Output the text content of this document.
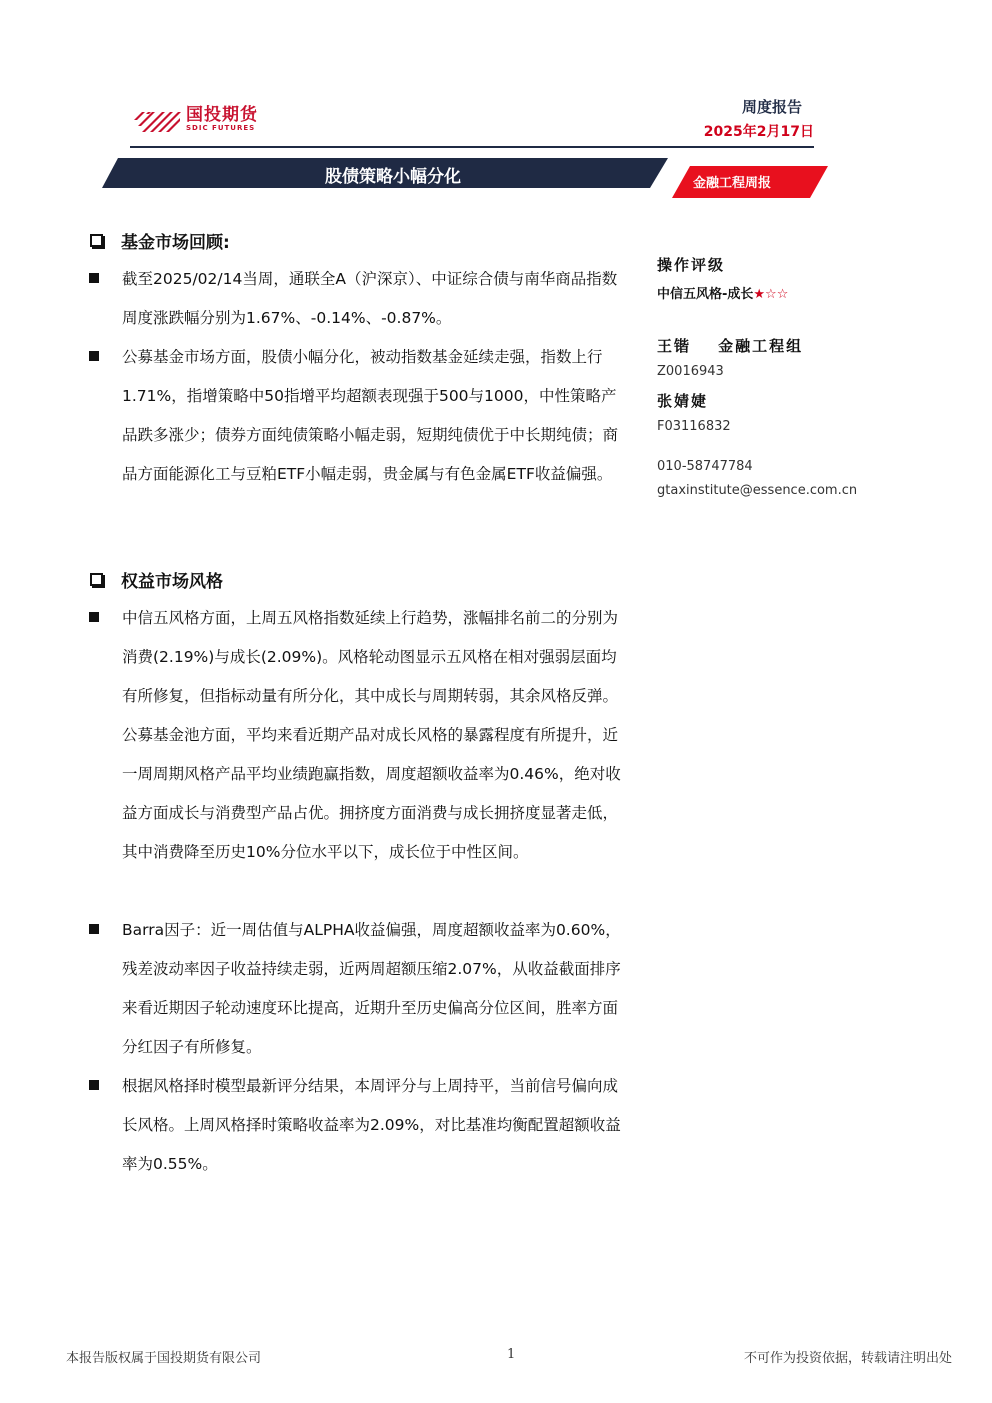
国投期货
SDIC FUTURES
周度报告
2025年2月17日
股债策略小幅分化	金融工程周报
基金市场回顾:
截至2025/02/14当周，通联全A（沪深京）、中证综合债与南华商品指数周度涨跌幅分别为1.67%、-0.14%、-0.87%。
公募基金市场方面，股债小幅分化，被动指数基金延续走强，指数上行1.71%，指增策略中50指增平均超额表现强于500与1000，中性策略产品跌多涨少；债券方面纯债策略小幅走弱，短期纯债优于中长期纯债；商品方面能源化工与豆粕ETF小幅走弱，贵金属与有色金属ETF收益偏强。
权益市场风格
中信五风格方面，上周五风格指数延续上行趋势，涨幅排名前二的分别为消费(2.19%)与成长(2.09%)。风格轮动图显示五风格在相对强弱层面均有所修复，但指标动量有所分化，其中成长与周期转弱，其余风格反弹。公募基金池方面，平均来看近期产品对成长风格的暴露程度有所提升，近一周周期风格产品平均业绩跑赢指数，周度超额收益率为0.46%，绝对收益方面成长与消费型产品占优。拥挤度方面消费与成长拥挤度显著走低，其中消费降至历史10%分位水平以下，成长位于中性区间。
Barra因子：近一周估值与ALPHA收益偏强，周度超额收益率为0.60%，残差波动率因子收益持续走弱，近两周超额压缩2.07%，从收益截面排序来看近期因子轮动速度环比提高，近期升至历史偏高分位区间，胜率方面分红因子有所修复。
根据风格择时模型最新评分结果，本周评分与上周持平，当前信号偏向成长风格。上周风格择时策略收益率为2.09%，对比基准均衡配置超额收益率为0.55%。
操作评级
中信五风格-成长★☆☆
王锴 金融工程组
Z0016943
张婧婕
F03116832
010-58747784
gtaxinstitute@essence.com.cn
本报告版权属于国投期货有限公司	1	不可作为投资依据，转载请注明出处
